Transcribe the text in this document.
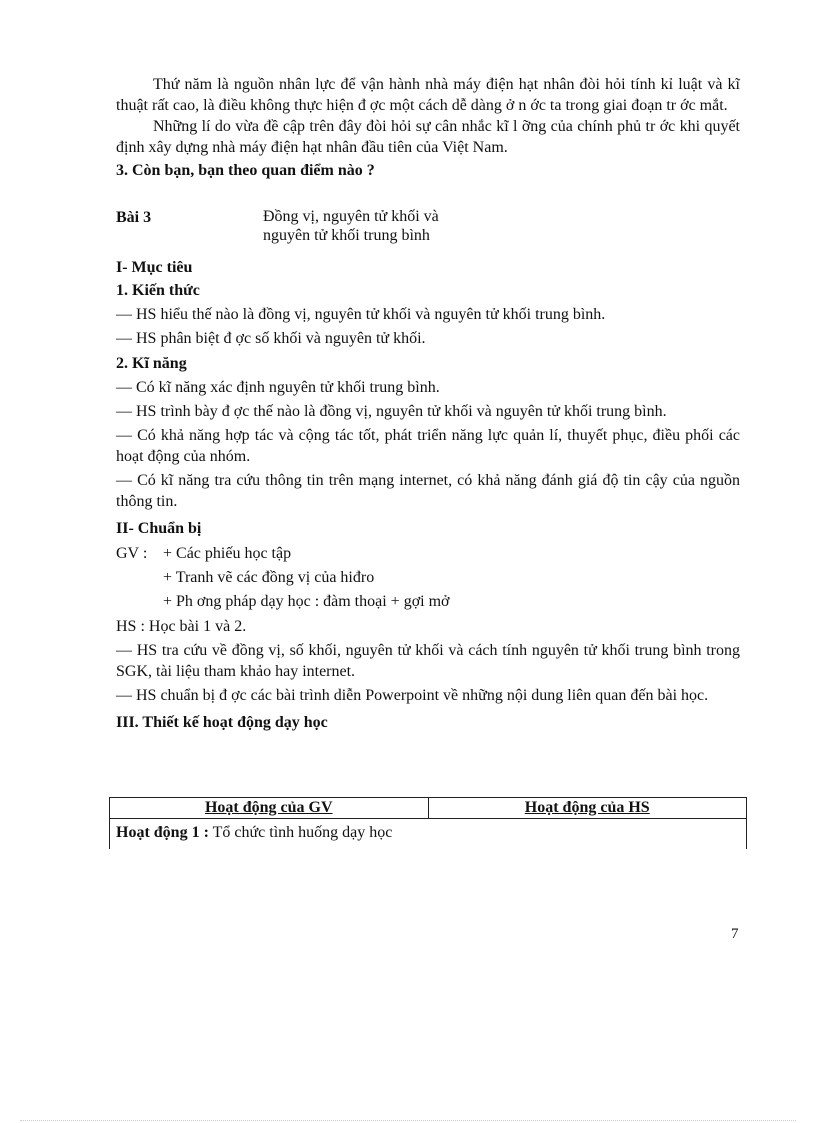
Thứ năm là nguồn nhân lực để vận hành nhà máy điện hạt nhân đòi hỏi tính kỉ luật và kĩ thuật rất cao, là điều không thực hiện đ ợc một cách dễ dàng ở n ớc ta trong giai đoạn tr ớc mắt.

Những lí do vừa đề cập trên đây đòi hỏi sự cân nhắc kĩ l ỡng của chính phủ tr ớc khi quyết định xây dựng nhà máy điện hạt nhân đầu tiên của Việt Nam.

3. Còn bạn, bạn theo quan điểm nào ?

Bài 3	Đồng vị, nguyên tử khối và
nguyên tử khối trung bình

I- Mục tiêu

1. Kiến thức

— HS hiểu thế nào là đồng vị, nguyên tử khối và nguyên tử khối trung bình.

— HS phân biệt đ ợc số khối và nguyên tử khối.

2. Kĩ năng

— Có kĩ năng xác định nguyên tử khối trung bình.

— HS trình bày đ ợc thế nào là đồng vị, nguyên tử khối và nguyên tử khối trung bình.

— Có khả năng hợp tác và cộng tác tốt, phát triển năng lực quản lí, thuyết phục, điều phối các hoạt động của nhóm.

— Có kĩ năng tra cứu thông tin trên mạng internet, có khả năng đánh giá độ tin cậy của nguồn thông tin.

II- Chuẩn bị

GV : + Các phiếu học tập

+ Tranh vẽ các đồng vị của hiđro

+ Ph ơng pháp dạy học : đàm thoại + gợi mở

HS : Học bài 1 và 2.

— HS tra cứu về đồng vị, số khối, nguyên tử khối và cách tính nguyên tử khối trung bình trong SGK, tài liệu tham khảo hay internet.

— HS chuẩn bị đ ợc các bài trình diễn Powerpoint về những nội dung liên quan đến bài học.

III. Thiết kế hoạt động dạy học

Hoạt động của GV	Hoạt động của HS
Hoạt động 1 : Tổ chức tình huống dạy học
7
